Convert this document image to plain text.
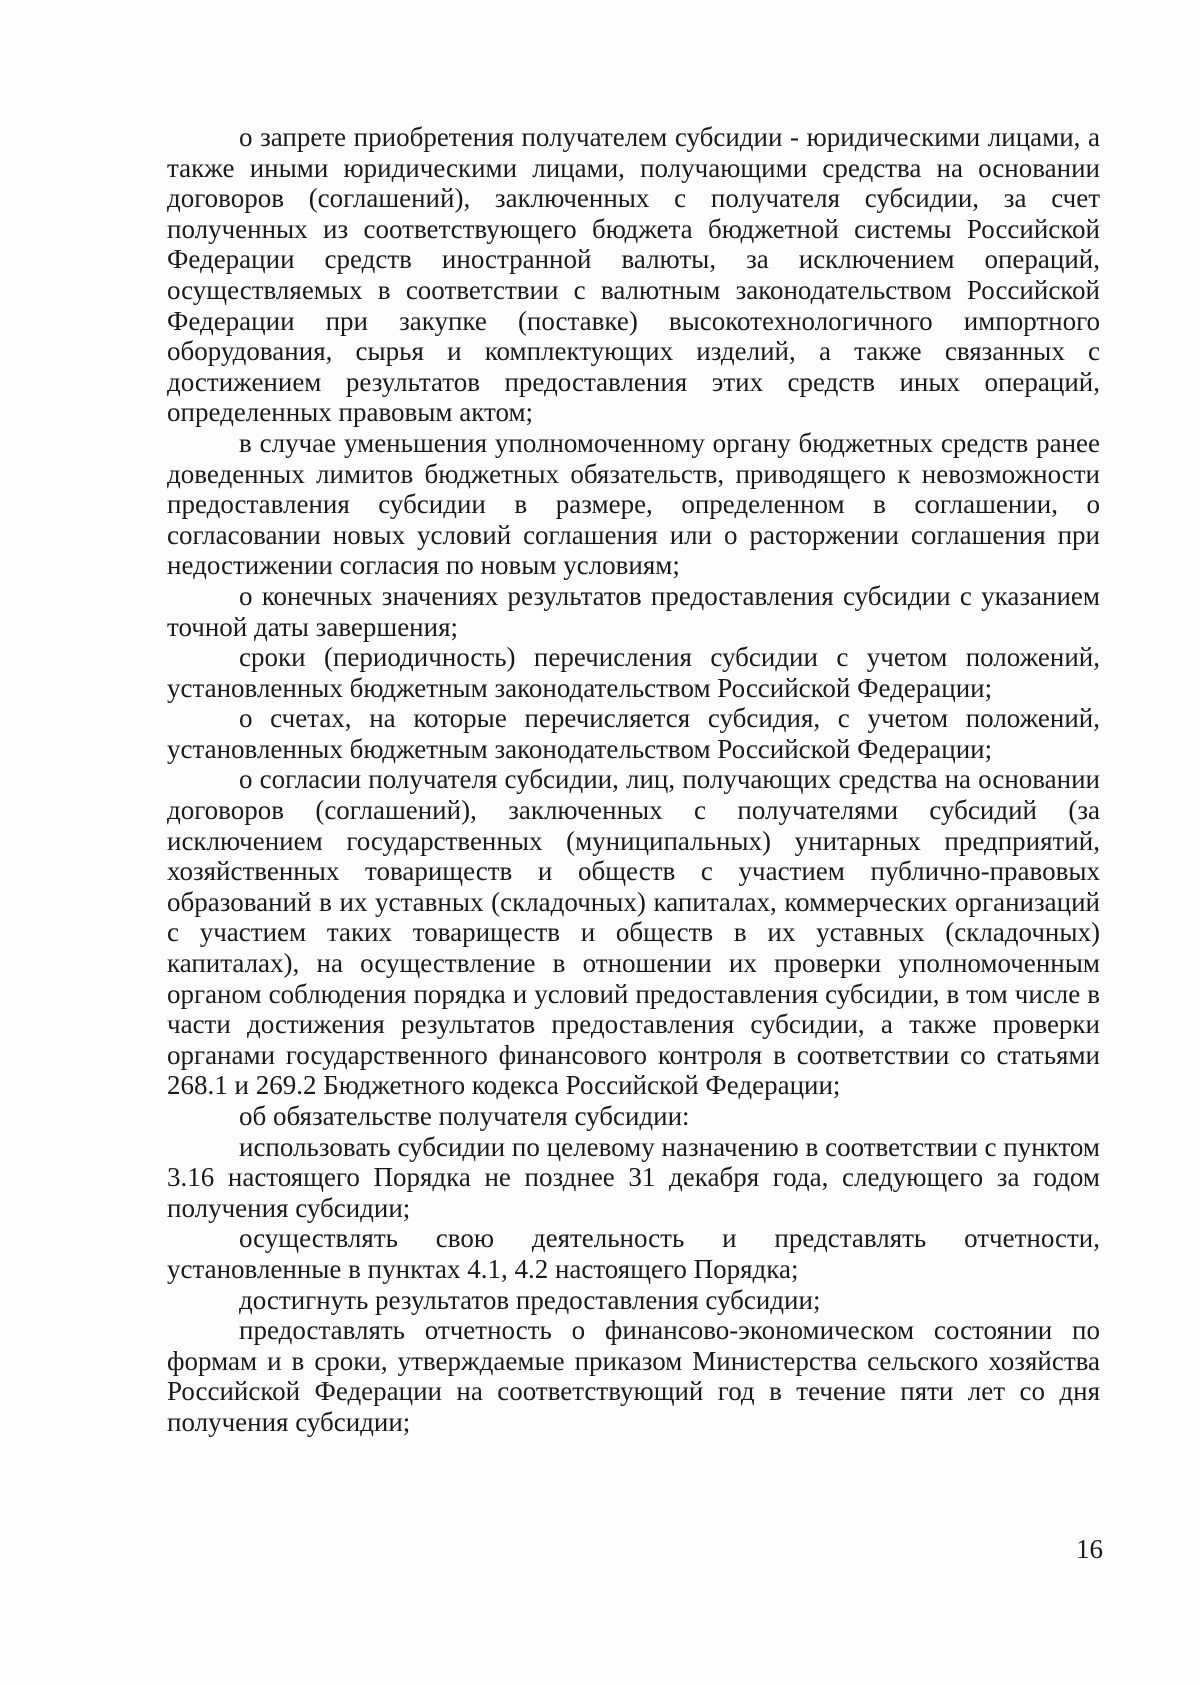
о запрете приобретения получателем субсидии - юридическими лицами, а также иными юридическими лицами, получающими средства на основании договоров (соглашений), заключенных с получателя субсидии, за счет полученных из соответствующего бюджета бюджетной системы Российской Федерации средств иностранной валюты, за исключением операций, осуществляемых в соответствии с валютным законодательством Российской Федерации при закупке (поставке) высокотехнологичного импортного оборудования, сырья и комплектующих изделий, а также связанных с достижением результатов предоставления этих средств иных операций, определенных правовым актом;

в случае уменьшения уполномоченному органу бюджетных средств ранее доведенных лимитов бюджетных обязательств, приводящего к невозможности предоставления субсидии в размере, определенном в соглашении, о согласовании новых условий соглашения или о расторжении соглашения при недостижении согласия по новым условиям;

о конечных значениях результатов предоставления субсидии с указанием точной даты завершения;

сроки (периодичность) перечисления субсидии с учетом положений, установленных бюджетным законодательством Российской Федерации;

о счетах, на которые перечисляется субсидия, с учетом положений, установленных бюджетным законодательством Российской Федерации;

о согласии получателя субсидии, лиц, получающих средства на основании договоров (соглашений), заключенных с получателями субсидий (за исключением государственных (муниципальных) унитарных предприятий, хозяйственных товариществ и обществ с участием публично-правовых образований в их уставных (складочных) капиталах, коммерческих организаций с участием таких товариществ и обществ в их уставных (складочных) капиталах), на осуществление в отношении их проверки уполномоченным органом соблюдения порядка и условий предоставления субсидии, в том числе в части достижения результатов предоставления субсидии, а также проверки органами государственного финансового контроля в соответствии со статьями 268.1 и 269.2 Бюджетного кодекса Российской Федерации;

об обязательстве получателя субсидии:

использовать субсидии по целевому назначению в соответствии с пунктом 3.16 настоящего Порядка не позднее 31 декабря года, следующего за годом получения субсидии;

осуществлять свою деятельность и представлять отчетности, установленные в пунктах 4.1, 4.2 настоящего Порядка;

достигнуть результатов предоставления субсидии;

предоставлять отчетность о финансово-экономическом состоянии по формам и в сроки, утверждаемые приказом Министерства сельского хозяйства Российской Федерации на соответствующий год в течение пяти лет со дня получения субсидии;

16
